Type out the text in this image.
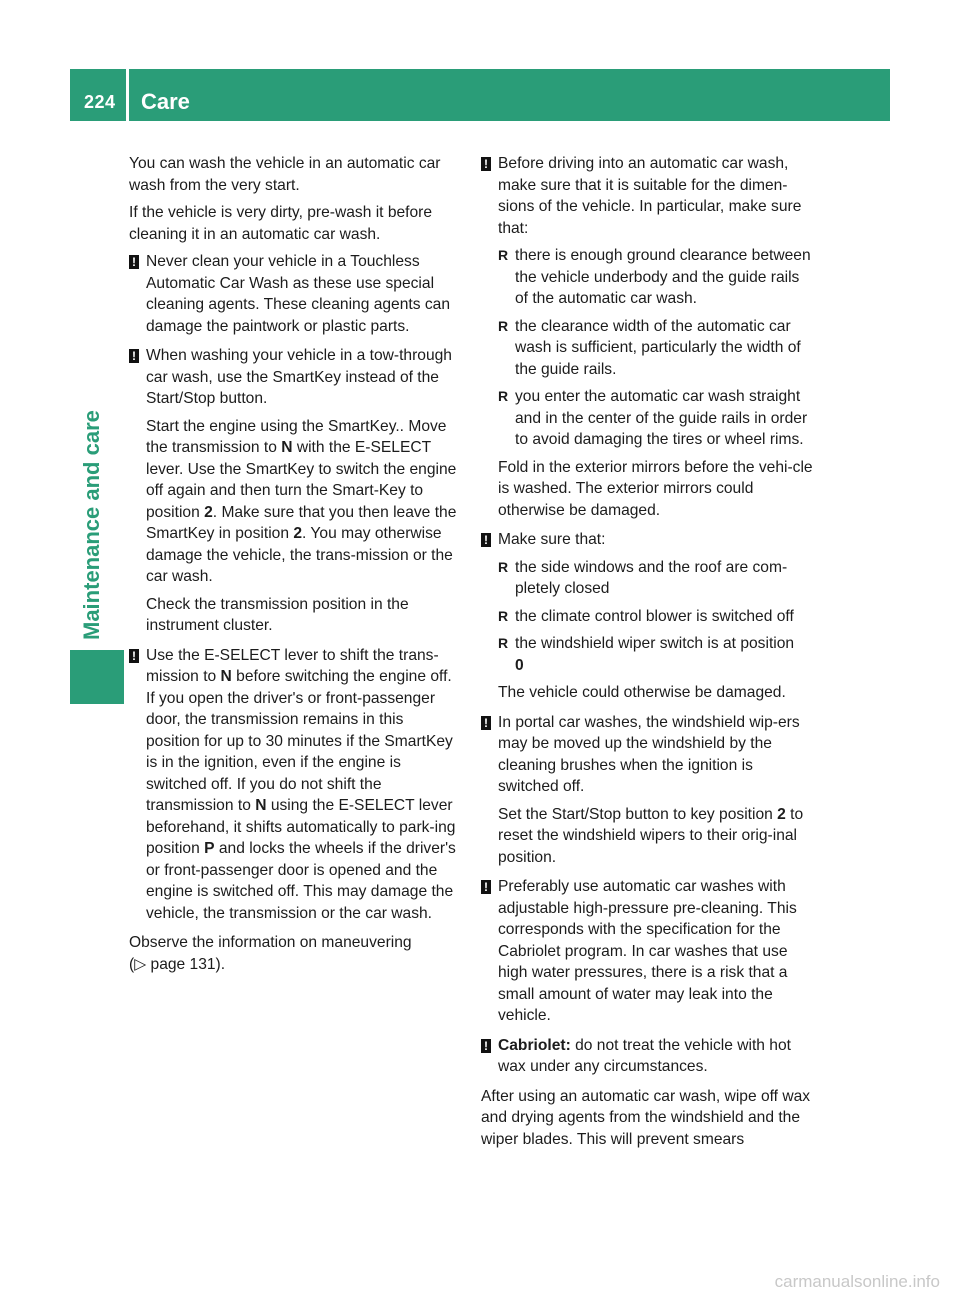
224 Care
Maintenance and care

You can wash the vehicle in an automatic car wash from the very start.

If the vehicle is very dirty, pre-wash it before cleaning it in an automatic car wash.

! Never clean your vehicle in a Touchless Automatic Car Wash as these use special cleaning agents. These cleaning agents can damage the paintwork or plastic parts.

! When washing your vehicle in a tow-through car wash, use the SmartKey instead of the Start/Stop button.

Start the engine using the SmartKey.. Move the transmission to N with the E-SELECT lever. Use the SmartKey to switch the engine off again and then turn the Smart-Key to position 2. Make sure that you then leave the SmartKey in position 2. You may otherwise damage the vehicle, the trans-mission or the car wash.

Check the transmission position in the instrument cluster.

! Use the E-SELECT lever to shift the trans-mission to N before switching the engine off. If you open the driver's or front-passenger door, the transmission remains in this position for up to 30 minutes if the SmartKey is in the ignition, even if the engine is switched off. If you do not shift the transmission to N using the E-SELECT lever beforehand, it shifts automatically to park-ing position P and locks the wheels if the driver's or front-passenger door is opened and the engine is switched off. This may damage the vehicle, the transmission or the car wash.

Observe the information on maneuvering

(▷ page 131).

! Before driving into an automatic car wash, make sure that it is suitable for the dimen-sions of the vehicle. In particular, make sure that:

R there is enough ground clearance between the vehicle underbody and the guide rails of the automatic car wash.
R the clearance width of the automatic car wash is sufficient, particularly the width of the guide rails.
R you enter the automatic car wash straight and in the center of the guide rails in order to avoid damaging the tires or wheel rims.

Fold in the exterior mirrors before the vehi-cle is washed. The exterior mirrors could otherwise be damaged.

! Make sure that:

R the side windows and the roof are com-pletely closed
R the climate control blower is switched off
R the windshield wiper switch is at position
0

The vehicle could otherwise be damaged.

! In portal car washes, the windshield wip-ers may be moved up the windshield by the cleaning brushes when the ignition is switched off.

Set the Start/Stop button to key position 2 to reset the windshield wipers to their orig-inal position.

! Preferably use automatic car washes with adjustable high-pressure pre-cleaning. This corresponds with the specification for the Cabriolet program. In car washes that use high water pressures, there is a risk that a small amount of water may leak into the vehicle.

! Cabriolet: do not treat the vehicle with hot wax under any circumstances.

After using an automatic car wash, wipe off wax and drying agents from the windshield and the wiper blades. This will prevent smears

carmanualsonline.info
